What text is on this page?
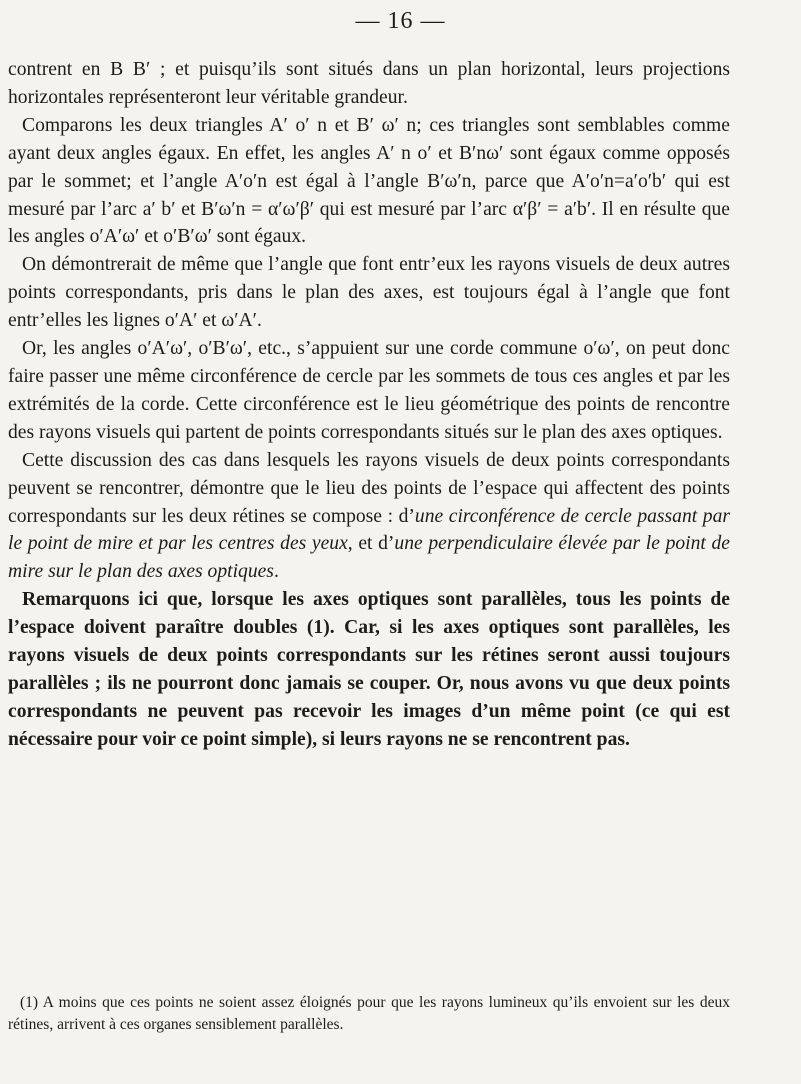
— 16 —

contrent en B B′ ; et puisqu’ils sont situés dans un plan horizontal, leurs projections horizontales représenteront leur véritable grandeur.

Comparons les deux triangles A′ o′ n et B′ ω′ n; ces triangles sont semblables comme ayant deux angles égaux. En effet, les angles A′ n o′ et B′nω′ sont égaux comme opposés par le sommet; et l’angle A′o′n est égal à l’angle B′ω′n, parce que A′o′n=a′o′b′ qui est mesuré par l’arc a′ b′ et B′ω′n = α′ω′β′ qui est mesuré par l’arc α′β′ = a′b′. Il en résulte que les angles o′A′ω′ et o′B′ω′ sont égaux.

On démontrerait de même que l’angle que font entr’eux les rayons visuels de deux autres points correspondants, pris dans le plan des axes, est toujours égal à l’angle que font entr’elles les lignes o′A′ et ω′A′.

Or, les angles o′A′ω′, o′B′ω′, etc., s’appuient sur une corde commune o′ω′, on peut donc faire passer une même circonférence de cercle par les sommets de tous ces angles et par les extrémités de la corde. Cette circonférence est le lieu géométrique des points de rencontre des rayons visuels qui partent de points correspondants situés sur le plan des axes optiques.

Cette discussion des cas dans lesquels les rayons visuels de deux points correspondants peuvent se rencontrer, démontre que le lieu des points de l’espace qui affectent des points correspondants sur les deux rétines se compose : d’une circonférence de cercle passant par le point de mire et par les centres des yeux, et d’une perpendiculaire élevée par le point de mire sur le plan des axes optiques.

Remarquons ici que, lorsque les axes optiques sont parallèles, tous les points de l’espace doivent paraître doubles (1). Car, si les axes optiques sont parallèles, les rayons visuels de deux points correspondants sur les rétines seront aussi toujours parallèles ; ils ne pourront donc jamais se couper. Or, nous avons vu que deux points correspondants ne peuvent pas recevoir les images d’un même point (ce qui est nécessaire pour voir ce point simple), si leurs rayons ne se rencontrent pas.

(1) A moins que ces points ne soient assez éloignés pour que les rayons lumineux qu’ils envoient sur les deux rétines, arrivent à ces organes sensiblement parallèles.
